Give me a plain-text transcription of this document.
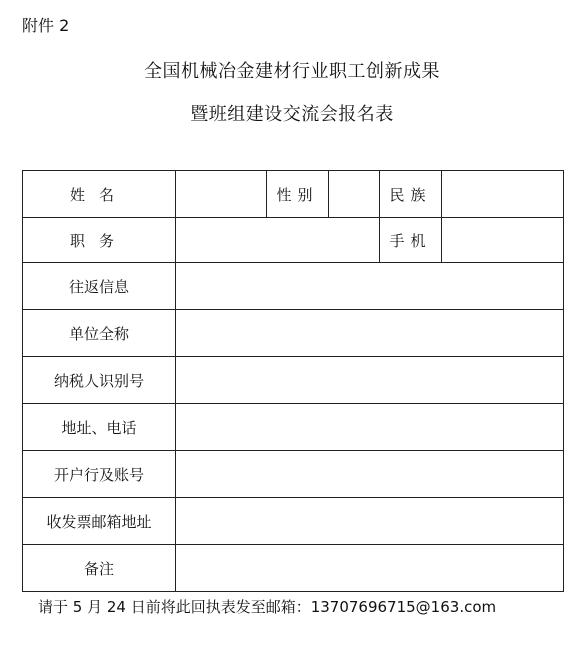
附件 2
全国机械冶金建材行业职工创新成果
暨班组建设交流会报名表
姓名		性别		民族	
职务				手机	
往返信息					
单位全称					
纳税人识别号					
地址、电话					
开户行及账号					
收发票邮箱地址					
备注					
请于 5 月 24 日前将此回执表发至邮箱：13707696715@163.com
